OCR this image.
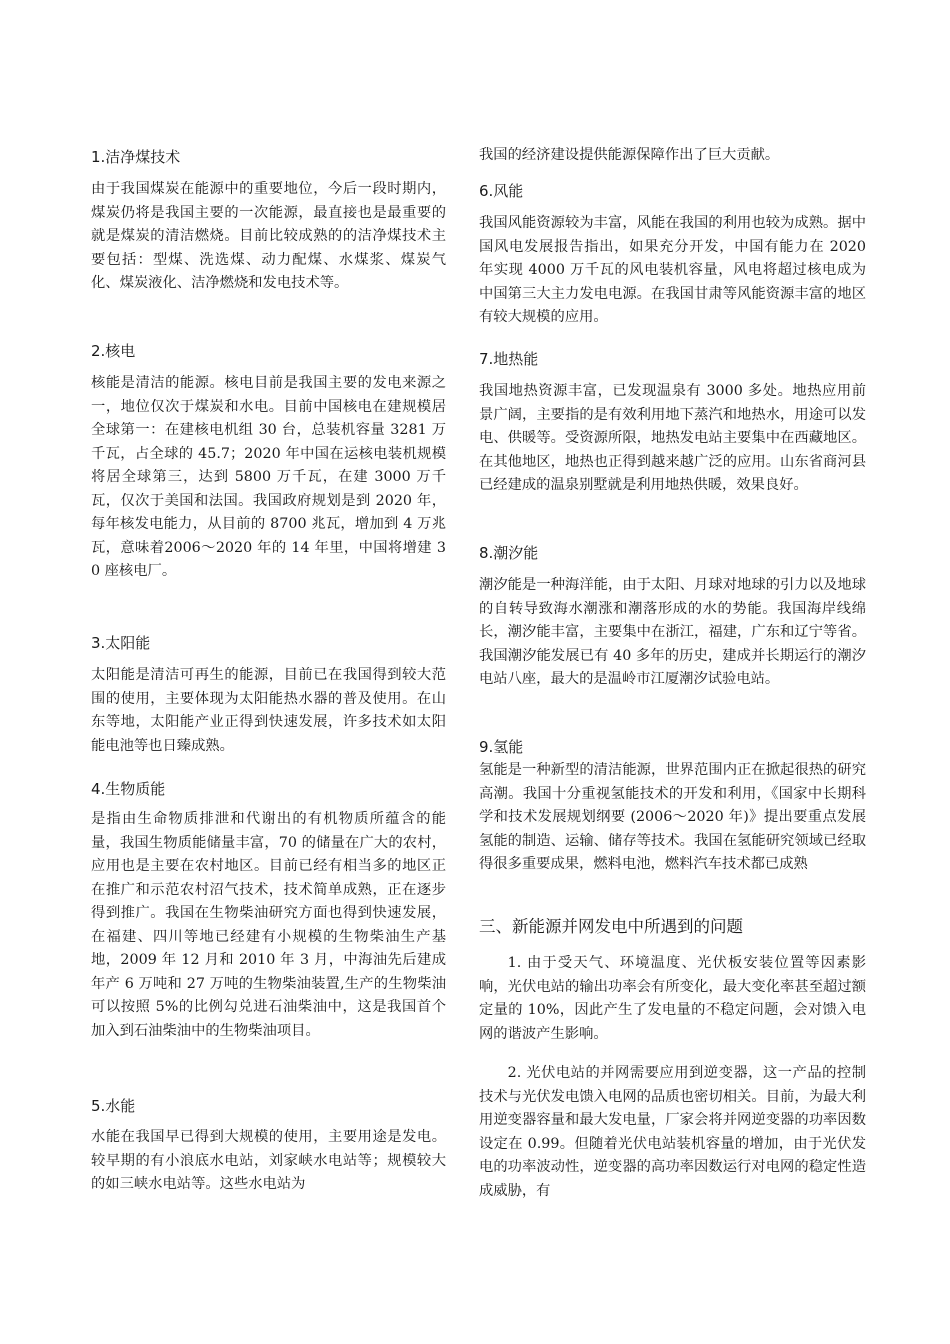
1.洁净煤技术

由于我国煤炭在能源中的重要地位，今后一段时期内，煤炭仍将是我国主要的一次能源，最直接也是最重要的就是煤炭的清洁燃烧。目前比较成熟的的洁净煤技术主要包括：型煤、洗选煤、动力配煤、水煤浆、煤炭气化、煤炭液化、洁净燃烧和发电技术等。

2.核电

核能是清洁的能源。核电目前是我国主要的发电来源之一，地位仅次于煤炭和水电。目前中国核电在建规模居全球第一：在建核电机组 30 台，总装机容量 3281 万千瓦，占全球的 45.7；2020 年中国在运核电装机规模将居全球第三，达到 5800 万千瓦，在建 3000 万千瓦，仅次于美国和法国。我国政府规划是到 2020 年，每年核发电能力，从目前的 8700 兆瓦，增加到 4 万兆瓦，意味着2006～2020 年的 14 年里，中国将增建 30 座核电厂。

3.太阳能

太阳能是清洁可再生的能源，目前已在我国得到较大范围的使用，主要体现为太阳能热水器的普及使用。在山东等地，太阳能产业正得到快速发展，许多技术如太阳能电池等也日臻成熟。

4.生物质能

是指由生命物质排泄和代谢出的有机物质所蕴含的能量，我国生物质能储量丰富，70 的储量在广大的农村，应用也是主要在农村地区。目前已经有相当多的地区正在推广和示范农村沼气技术，技术简单成熟，正在逐步得到推广。我国在生物柴油研究方面也得到快速发展，在福建、四川等地已经建有小规模的生物柴油生产基地，2009 年 12 月和 2010 年 3 月，中海油先后建成年产 6 万吨和 27 万吨的生物柴油装置,生产的生物柴油可以按照 5%的比例勾兑进石油柴油中，这是我国首个加入到石油柴油中的生物柴油项目。

5.水能

水能在我国早已得到大规模的使用，主要用途是发电。较早期的有小浪底水电站，刘家峡水电站等；规模较大的如三峡水电站等。这些水电站为

我国的经济建设提供能源保障作出了巨大贡献。

6.风能

我国风能资源较为丰富，风能在我国的利用也较为成熟。据中国风电发展报告指出，如果充分开发，中国有能力在 2020 年实现 4000 万千瓦的风电装机容量，风电将超过核电成为中国第三大主力发电电源。在我国甘肃等风能资源丰富的地区有较大规模的应用。

7.地热能

我国地热资源丰富，已发现温泉有 3000 多处。地热应用前景广阔，主要指的是有效利用地下蒸汽和地热水，用途可以发电、供暖等。受资源所限，地热发电站主要集中在西藏地区。在其他地区，地热也正得到越来越广泛的应用。山东省商河县已经建成的温泉别墅就是利用地热供暖，效果良好。

8.潮汐能

潮汐能是一种海洋能，由于太阳、月球对地球的引力以及地球的自转导致海水潮涨和潮落形成的水的势能。我国海岸线绵长，潮汐能丰富，主要集中在浙江，福建，广东和辽宁等省。我国潮汐能发展已有 40 多年的历史，建成并长期运行的潮汐电站八座，最大的是温岭市江厦潮汐试验电站。

9.氢能

氢能是一种新型的清洁能源，世界范围内正在掀起很热的研究高潮。我国十分重视氢能技术的开发和利用，《国家中长期科学和技术发展规划纲要 (2006～2020 年)》提出要重点发展氢能的制造、运输、储存等技术。我国在氢能研究领域已经取得很多重要成果，燃料电池，燃料汽车技术都已成熟

三、新能源并网发电中所遇到的问题

1. 由于受天气、环境温度、光伏板安装位置等因素影响，光伏电站的输出功率会有所变化，最大变化率甚至超过额定量的 10%，因此产生了发电量的不稳定问题，会对馈入电网的谐波产生影响。

2. 光伏电站的并网需要应用到逆变器，这一产品的控制技术与光伏发电馈入电网的品质也密切相关。目前，为最大利用逆变器容量和最大发电量，厂家会将并网逆变器的功率因数设定在 0.99。但随着光伏电站装机容量的增加，由于光伏发电的功率波动性，逆变器的高功率因数运行对电网的稳定性造成威胁，有
